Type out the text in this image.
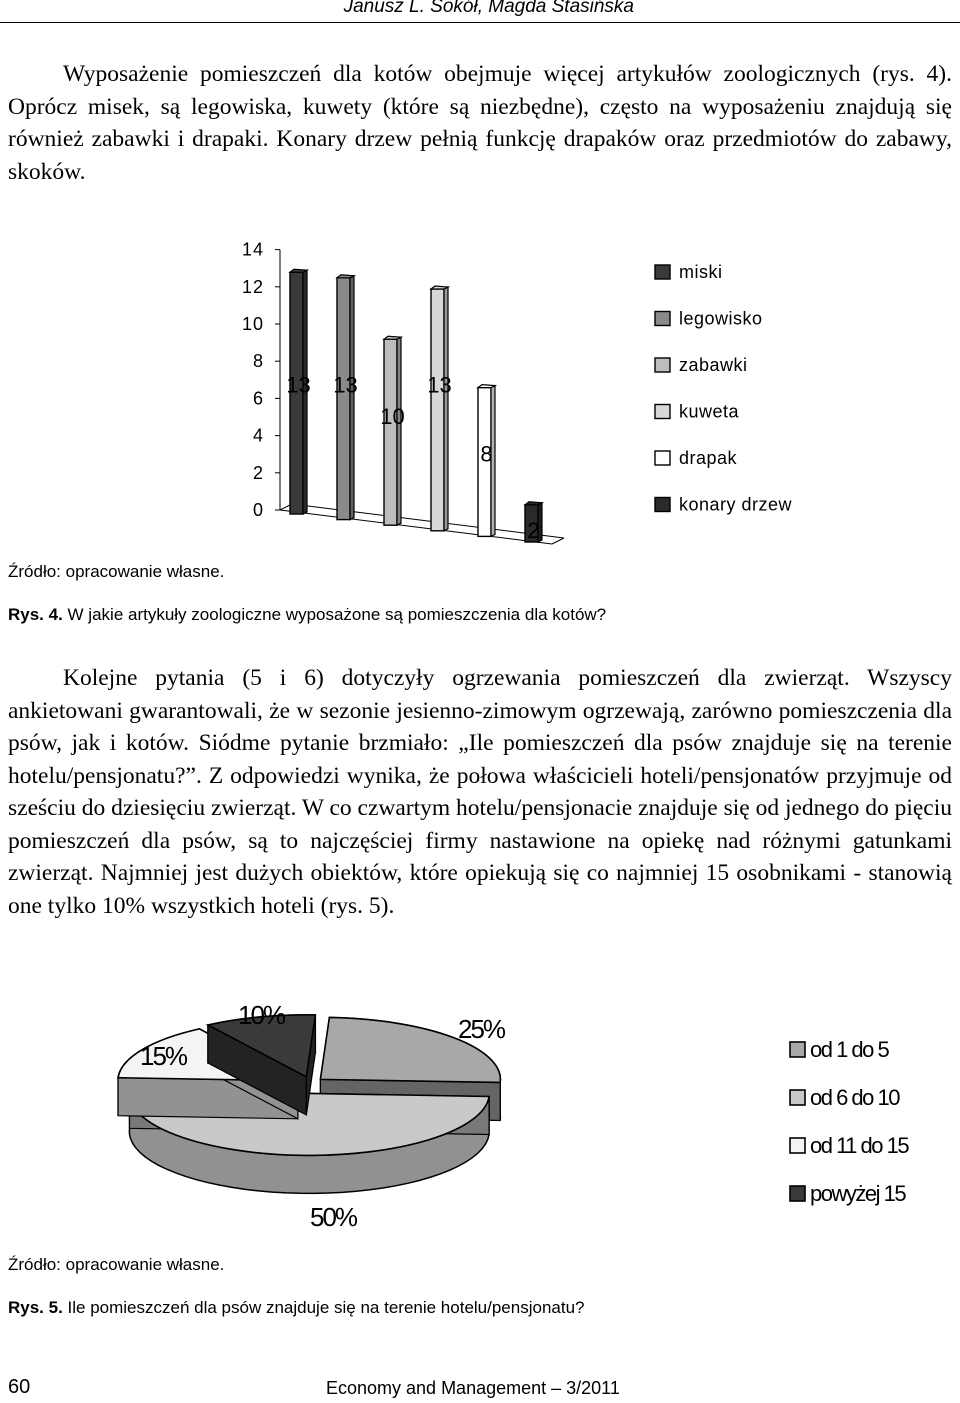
Janusz L. Sokół, Magda Stasińska

Wyposażenie pomieszczeń dla kotów obejmuje więcej artykułów zoologicznych (rys. 4). Oprócz misek, są legowiska, kuwety (które są niezbędne), często na wyposażeniu znajdują się również zabawki i drapaki. Konary drzew pełnią funkcję drapaków oraz przedmiotów do zabawy, skoków.

0
2
4
6
8
10
12
14
13 13
10
13
8
2
miski
legowisko
zabawki
kuweta
drapak
konary drzew
Źródło: opracowanie własne.
Rys. 4. W jakie artykuły zoologiczne wyposażone są pomieszczenia dla kotów?

Kolejne pytania (5 i 6) dotyczyły ogrzewania pomieszczeń dla zwierząt. Wszyscy ankietowani gwarantowali, że w sezonie jesienno-zimowym ogrzewają, zarówno pomieszczenia dla psów, jak i kotów. Siódme pytanie brzmiało: „Ile pomieszczeń dla psów znajduje się na terenie hotelu/pensjonatu?”. Z odpowiedzi wynika, że połowa właścicieli hoteli/pensjonatów przyjmuje od sześciu do dziesięciu zwierząt. W co czwartym hotelu/pensjonacie znajduje się od jednego do pięciu pomieszczeń dla psów, są to najczęściej firmy nastawione na opiekę nad różnymi gatunkami zwierząt. Najmniej jest dużych obiektów, które opiekują się co najmniej 15 osobnikami - stanowią one tylko 10% wszystkich hoteli (rys. 5).

25%
50%
15%
10%
od 1 do 5
od 6 do 10
od 11 do 15
powyżej 15
Źródło: opracowanie własne.
Rys. 5. Ile pomieszczeń dla psów znajduje się na terenie hotelu/pensjonatu?
60	Economy and Management – 3/2011
